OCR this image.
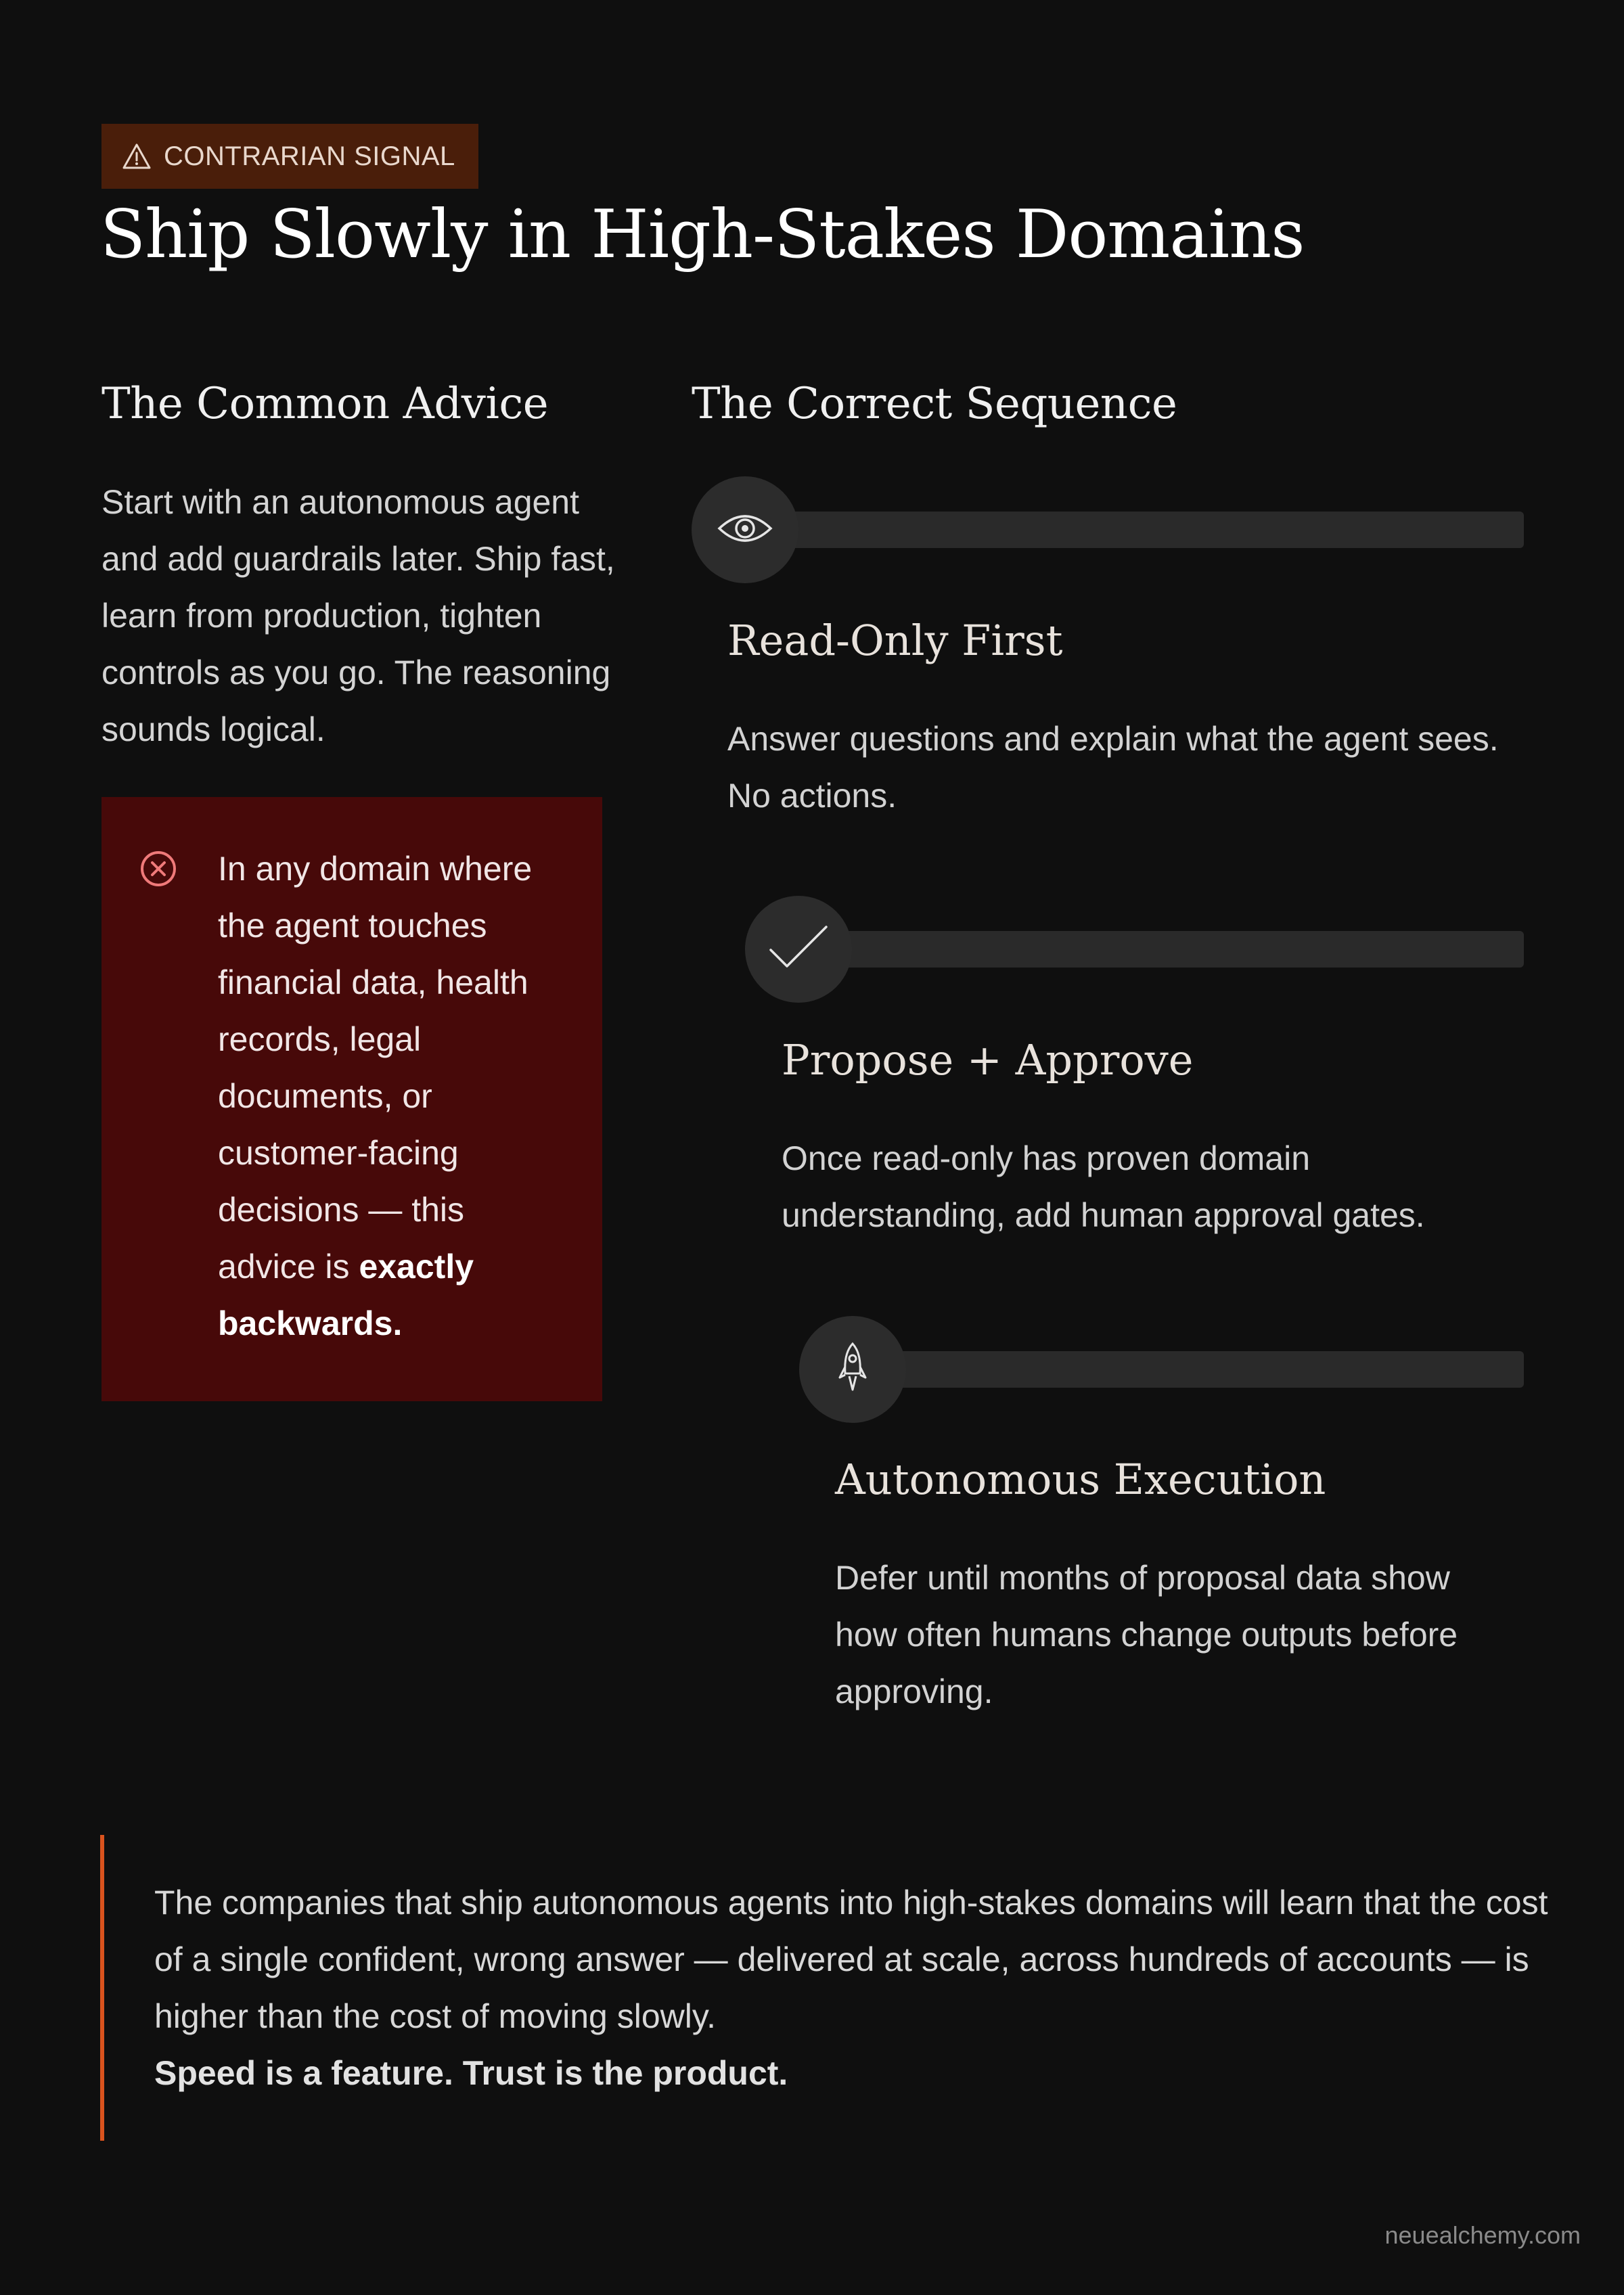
CONTRARIAN SIGNAL
Ship Slowly in High-Stakes Domains
The Common Advice

Start with an autonomous agent and add guardrails later. Ship fast, learn from production, tighten controls as you go. The reasoning sounds logical.

In any domain where the agent touches financial data, health records, legal documents, or customer-facing decisions — this advice is exactly backwards.

The Correct Sequence
Read-Only First

Answer questions and explain what the agent sees. No actions.

Propose + Approve

Once read-only has proven domain understanding, add human approval gates.

Autonomous Execution

Defer until months of proposal data show how often humans change outputs before approving.

The companies that ship autonomous agents into high-stakes domains will learn that the cost of a single confident, wrong answer — delivered at scale, across hundreds of accounts — is higher than the cost of moving slowly.

Speed is a feature. Trust is the product.

neuealchemy.com
